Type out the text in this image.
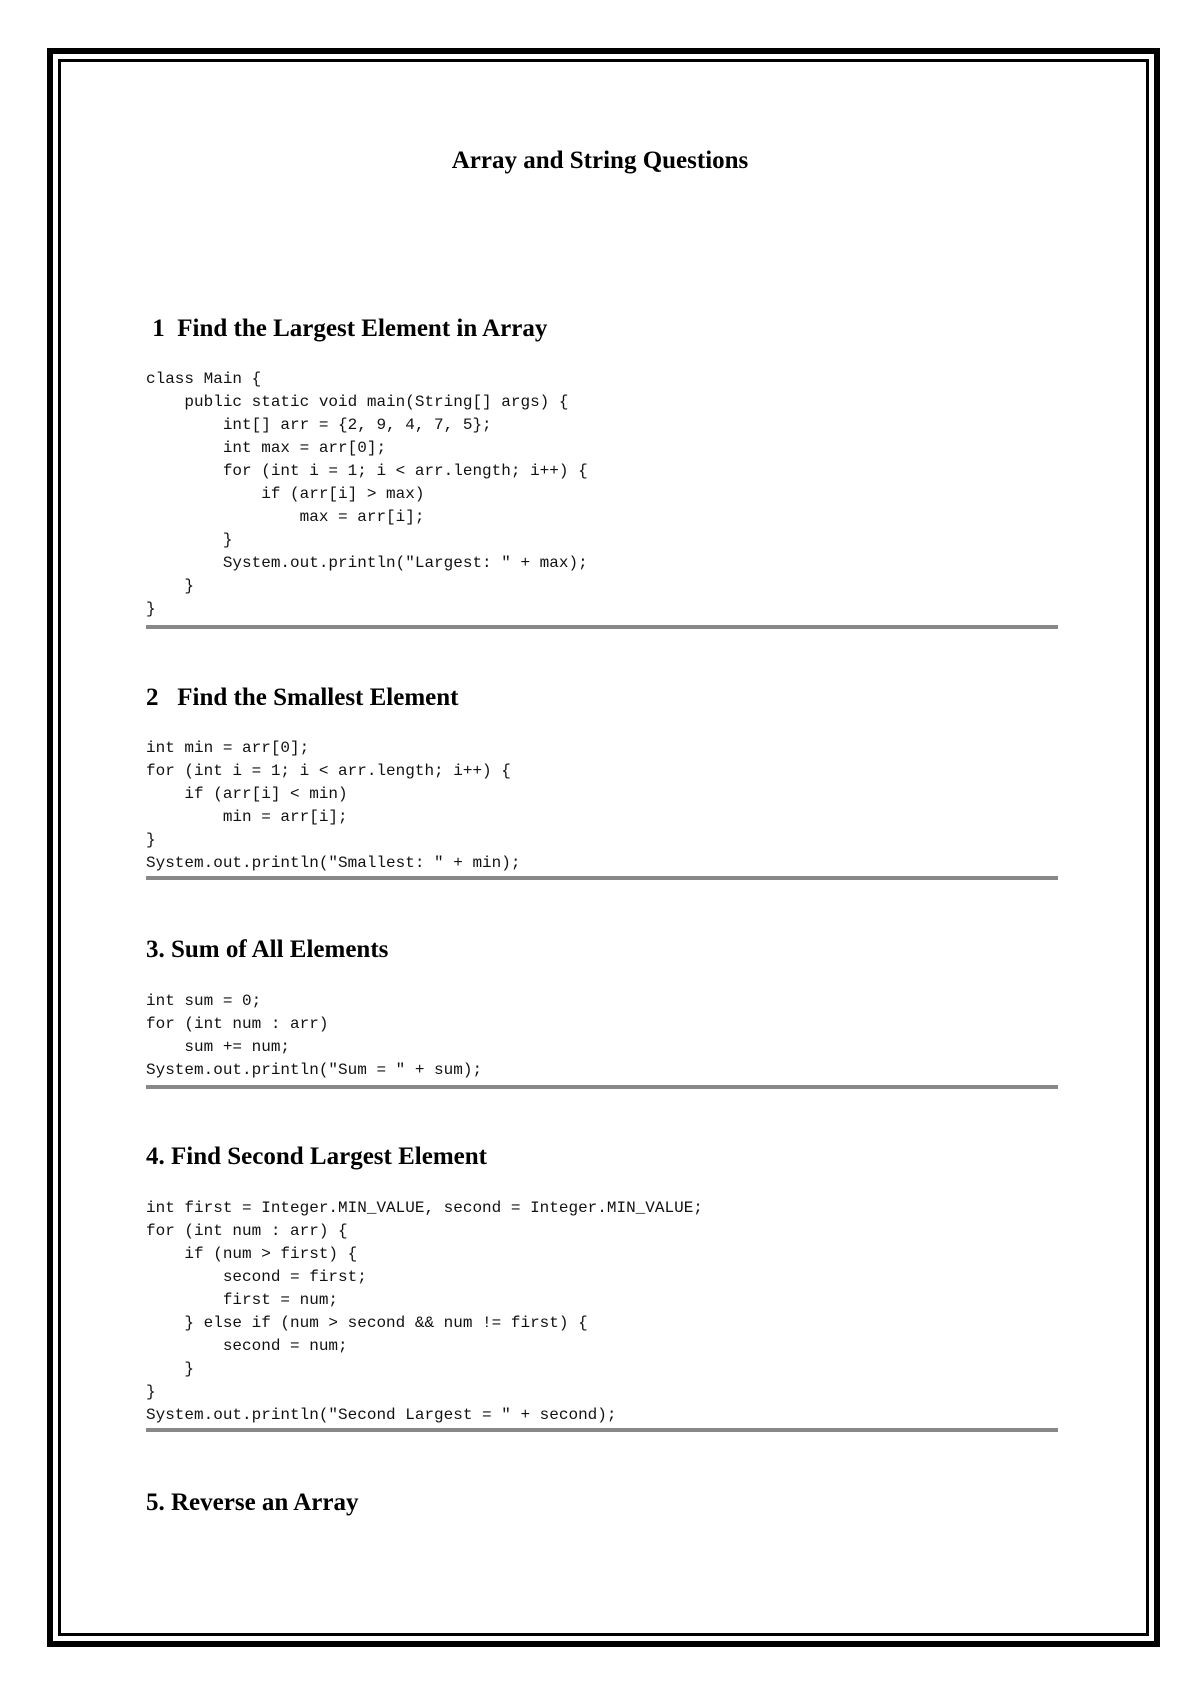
Array and String Questions
1  Find the Largest Element in Array
class Main {
public static void main(String[] args) {
int[] arr = {2, 9, 4, 7, 5};
int max = arr[0];
for (int i = 1; i < arr.length; i++) {
if (arr[i] > max)
max = arr[i];
}
System.out.println("Largest: " + max);
}
}
2   Find the Smallest Element
int min = arr[0];
for (int i = 1; i < arr.length; i++) {
if (arr[i] < min)
min = arr[i];
}
System.out.println("Smallest: " + min);
3. Sum of All Elements
int sum = 0;
for (int num : arr)
sum += num;
System.out.println("Sum = " + sum);
4. Find Second Largest Element
int first = Integer.MIN_VALUE, second = Integer.MIN_VALUE;
for (int num : arr) {
if (num > first) {
second = first;
first = num;
} else if (num > second && num != first) {
second = num;
}
}
System.out.println("Second Largest = " + second);
5. Reverse an Array
